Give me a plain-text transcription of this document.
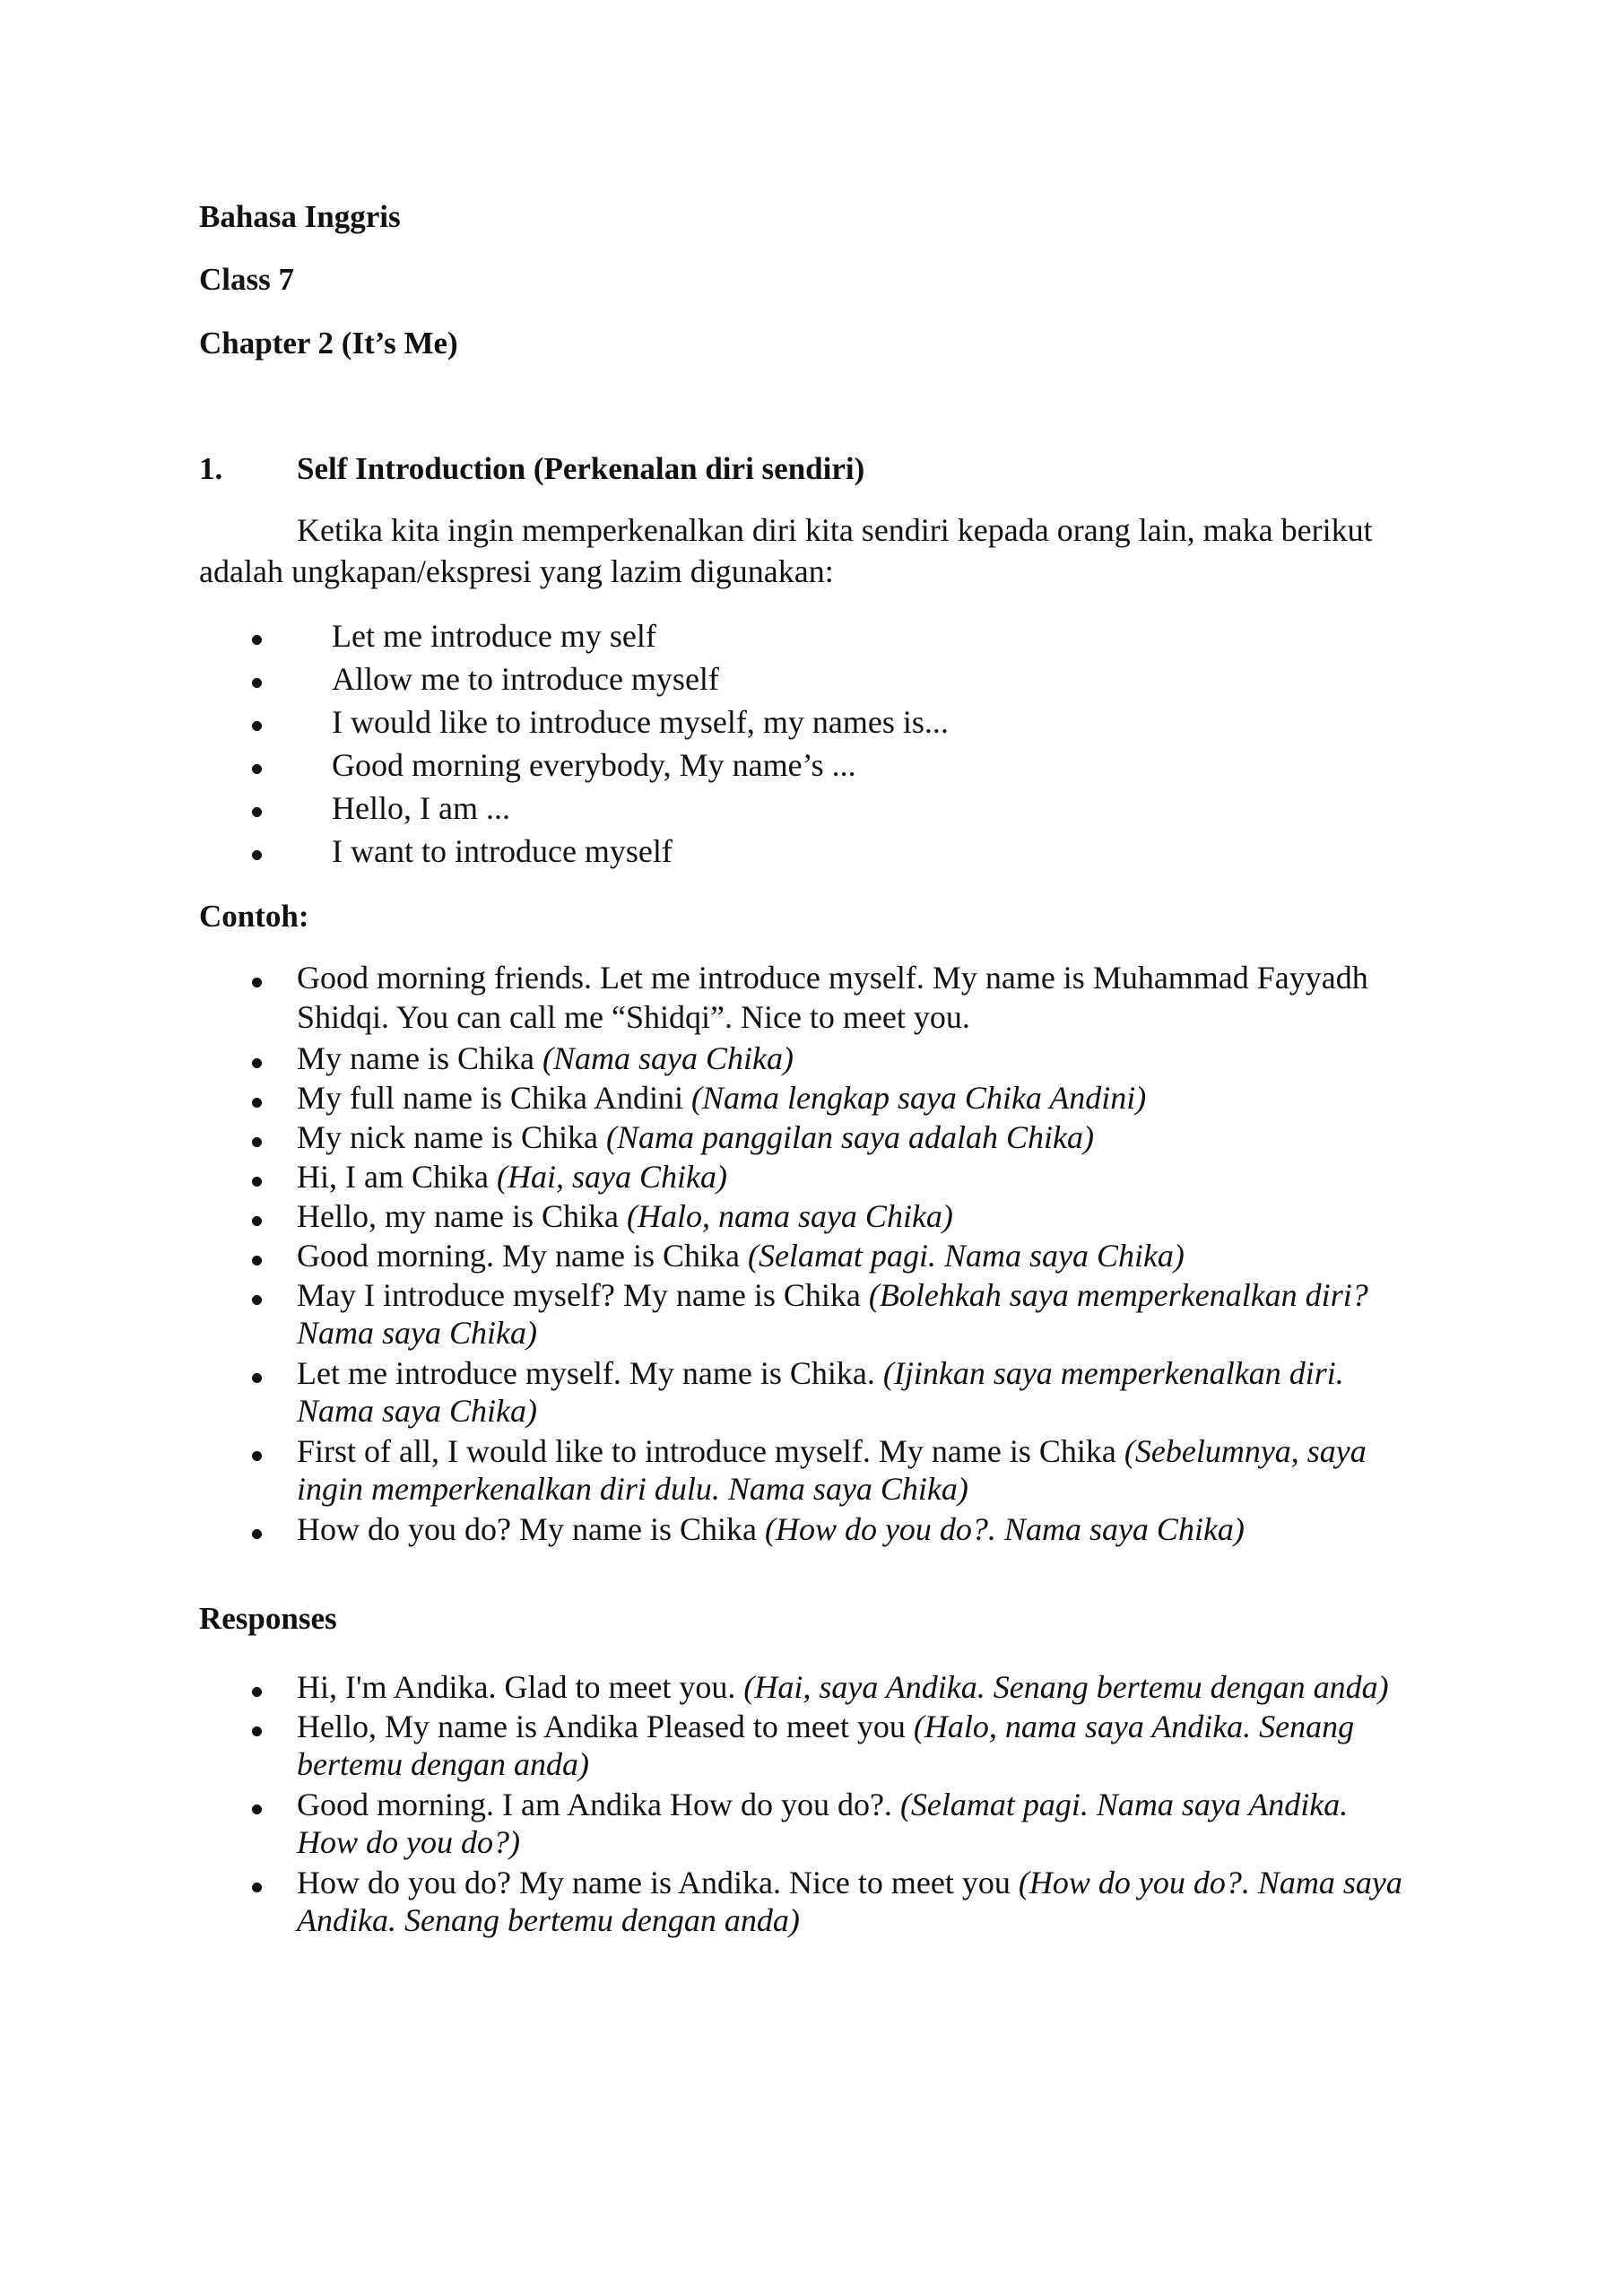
Bahasa Inggris
Class 7
Chapter 2 (It’s Me)
1. Self Introduction (Perkenalan diri sendiri)
Ketika kita ingin memperkenalkan diri kita sendiri kepada orang lain, maka berikut
adalah ungkapan/ekspresi yang lazim digunakan:
Let me introduce my self
Allow me to introduce myself
I would like to introduce myself, my names is...
Good morning everybody, My name’s ...
Hello, I am ...
I want to introduce myself
Contoh:
Good morning friends. Let me introduce myself. My name is Muhammad Fayyadh
Shidqi. You can call me “Shidqi”. Nice to meet you.
My name is Chika (Nama saya Chika)
My full name is Chika Andini (Nama lengkap saya Chika Andini)
My nick name is Chika (Nama panggilan saya adalah Chika)
Hi, I am Chika (Hai, saya Chika)
Hello, my name is Chika (Halo, nama saya Chika)
Good morning. My name is Chika (Selamat pagi. Nama saya Chika)
May I introduce myself? My name is Chika (Bolehkah saya memperkenalkan diri?
Nama saya Chika)
Let me introduce myself. My name is Chika. (Ijinkan saya memperkenalkan diri.
Nama saya Chika)
First of all, I would like to introduce myself. My name is Chika (Sebelumnya, saya
ingin memperkenalkan diri dulu. Nama saya Chika)
How do you do? My name is Chika (How do you do?. Nama saya Chika)
Responses
Hi, I'm Andika. Glad to meet you. (Hai, saya Andika. Senang bertemu dengan anda)
Hello, My name is Andika Pleased to meet you (Halo, nama saya Andika. Senang
bertemu dengan anda)
Good morning. I am Andika How do you do?. (Selamat pagi. Nama saya Andika.
How do you do?)
How do you do? My name is Andika. Nice to meet you (How do you do?. Nama saya
Andika. Senang bertemu dengan anda)
